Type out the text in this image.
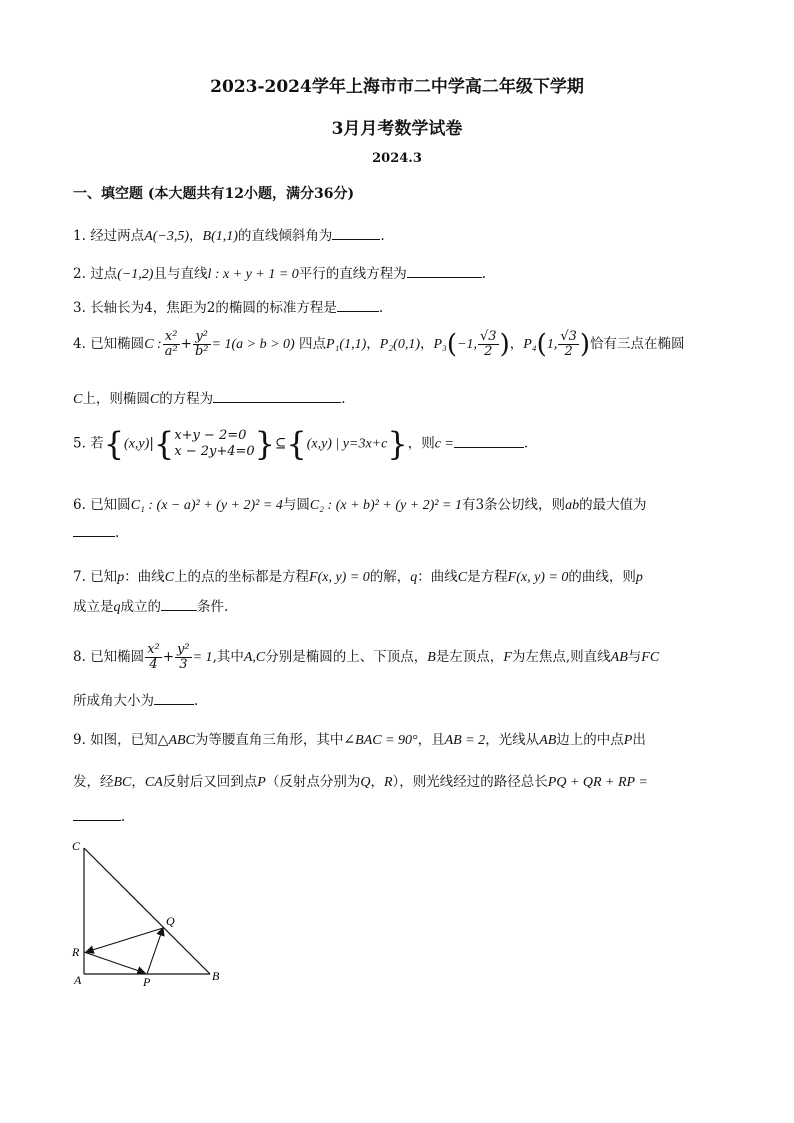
2023-2024学年上海市市二中学高二年级下学期
3月月考数学试卷
2024.3
一、填空题 (本大题共有12小题，满分36分)
1. 经过两点A(−3,5)，B(1,1)的直线倾斜角为	.
2. 过点(−1,2)且与直线l : x + y + 1 = 0平行的直线方程为	.
3. 长轴长为4，焦距为2的椭圆的标准方程是	.
4. 已知椭圆C : $\frac{\text{x²}}{\text{a²}} + \frac{\text{y²}}{\text{b²}} = 1(a > b > 0)$ 四点P₁(1,1)，P₂(0,1)，P₃(−1, $\frac{√3}{2}$ )，P₄(1, $\frac{√3}{2}$ )恰有三点在椭圆
C上，则椭圆C的方程为	.
5. 若{(x,y)|{ x+y − 2=0
x − 2y+4=0 }⊆{(x,y) | y=3x+c}，则c =	.
6. 已知圆C₁ : (x − a)² + (y + 2)² = 4与圆C₂ : (x + b)² + (y + 2)² = 1有3条公切线，则ab的最大值为
.
7. 已知p：曲线C上的点的坐标都是方程F(x, y) = 0的解，q：曲线C是方程F(x, y) = 0的曲线，则p
成立是q成立的	条件.
8. 已知椭圆 $\frac{\text{x²}}{4} + \frac{\text{y²}}{3} = 1$,其中A,C分别是椭圆的上、下顶点，B是左顶点，F为左焦点,则直线AB与FC
所成角大小为	.
9. 如图，已知△ABC为等腰直角三角形，其中∠BAC = 90°，且AB = 2，光线从AB边上的中点P出
发，经BC，CA反射后又回到点P（反射点分别为Q，R），则光线经过的路径总长PQ + QR + RP =
.
C
Q
R
A	P	B
